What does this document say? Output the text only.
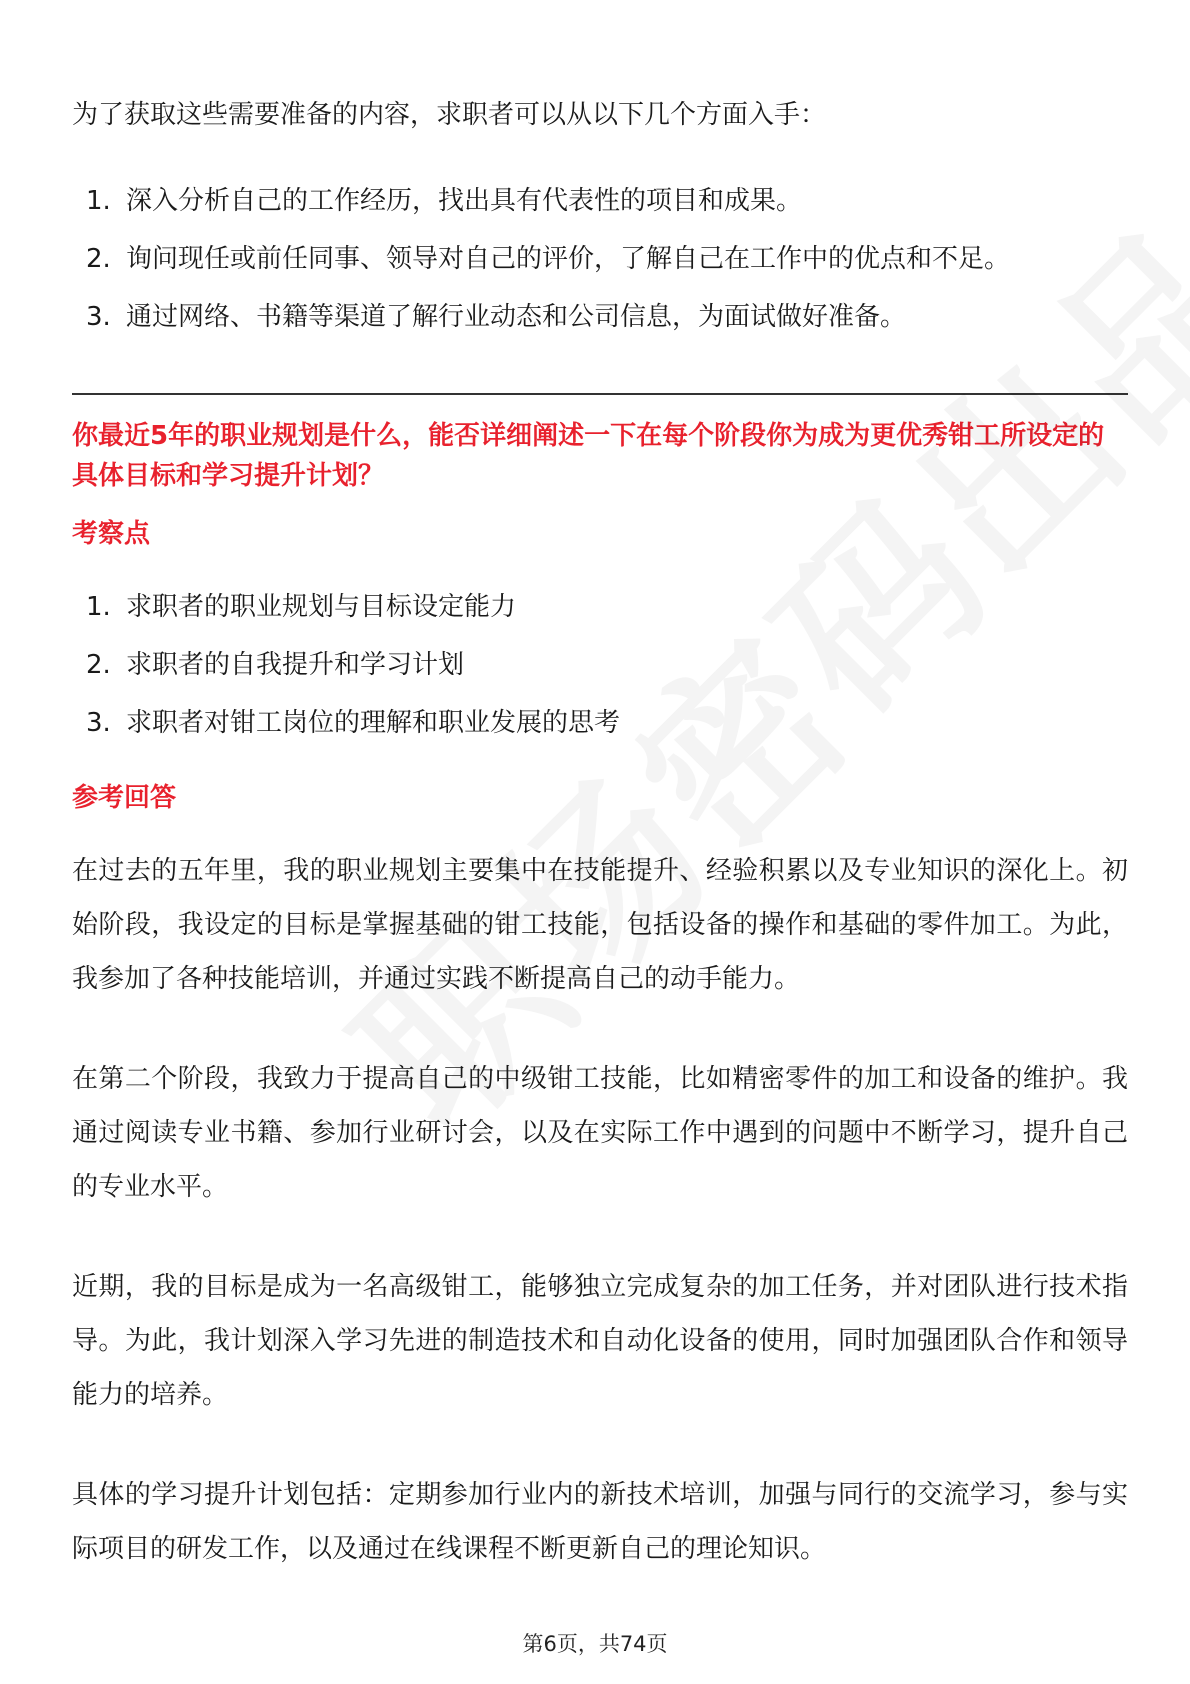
为了获取这些需要准备的内容，求职者可以从以下几个方面入手：

1. 深入分析自己的工作经历，找出具有代表性的项目和成果。
2. 询问现任或前任同事、领导对自己的评价，了解自己在工作中的优点和不足。
3. 通过网络、书籍等渠道了解行业动态和公司信息，为面试做好准备。
你最近5年的职业规划是什么，能否详细阐述一下在每个阶段你为成为更优秀钳工所设定的具体目标和学习提升计划？
考察点
1. 求职者的职业规划与目标设定能力
2. 求职者的自我提升和学习计划
3. 求职者对钳工岗位的理解和职业发展的思考
参考回答

在过去的五年里，我的职业规划主要集中在技能提升、经验积累以及专业知识的深化上。初始阶段，我设定的目标是掌握基础的钳工技能，包括设备的操作和基础的零件加工。为此，我参加了各种技能培训，并通过实践不断提高自己的动手能力。

在第二个阶段，我致力于提高自己的中级钳工技能，比如精密零件的加工和设备的维护。我通过阅读专业书籍、参加行业研讨会，以及在实际工作中遇到的问题中不断学习，提升自己的专业水平。

近期，我的目标是成为一名高级钳工，能够独立完成复杂的加工任务，并对团队进行技术指导。为此，我计划深入学习先进的制造技术和自动化设备的使用，同时加强团队合作和领导能力的培养。

具体的学习提升计划包括：定期参加行业内的新技术培训，加强与同行的交流学习，参与实际项目的研发工作，以及通过在线课程不断更新自己的理论知识。

第6页，共74页
